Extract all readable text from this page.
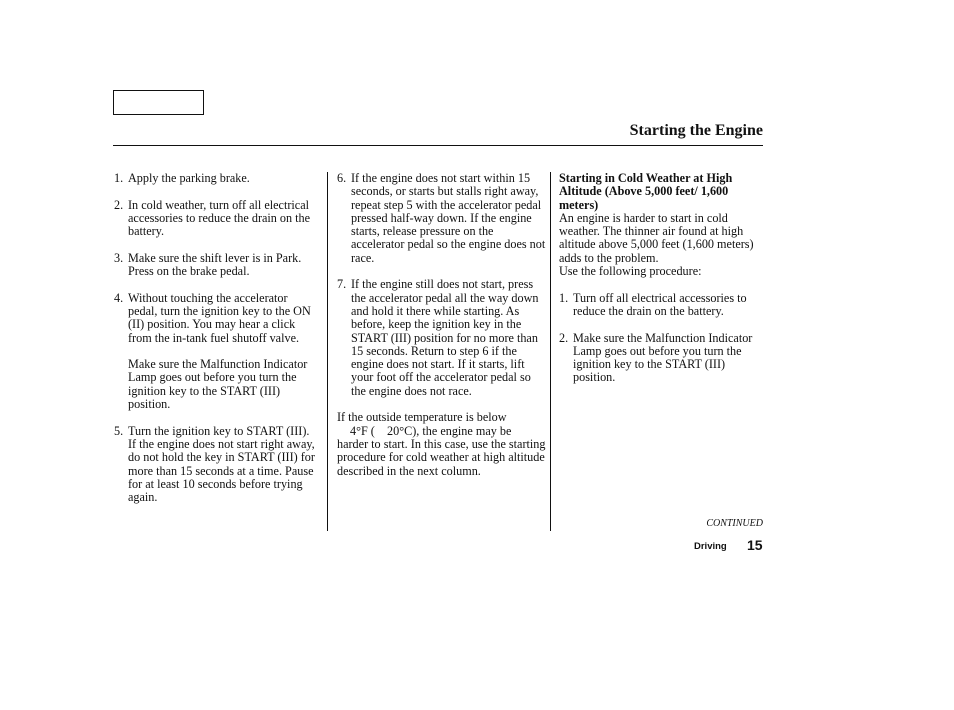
Starting the Engine
1. Apply the parking brake.
2. In cold weather, turn off all electrical accessories to reduce the drain on the battery.
3. Make sure the shift lever is in Park. Press on the brake pedal.
4. Without touching the accelerator pedal, turn the ignition key to the ON (II) position. You may hear a click from the in-tank fuel shutoff valve.
Make sure the Malfunction Indicator Lamp goes out before you turn the ignition key to the START (III) position.
5. Turn the ignition key to START (III). If the engine does not start right away, do not hold the key in START (III) for more than 15 seconds at a time. Pause for at least 10 seconds before trying again.
6. If the engine does not start within 15 seconds, or starts but stalls right away, repeat step 5 with the accelerator pedal pressed half-way down. If the engine starts, release pressure on the accelerator pedal so the engine does not race.
7. If the engine still does not start, press the accelerator pedal all the way down and hold it there while starting. As before, keep the ignition key in the START (III) position for no more than 15 seconds. Return to step 6 if the engine does not start. If it starts, lift your foot off the accelerator pedal so the engine does not race.
If the outside temperature is below
4°F (    20°C), the engine may be
harder to start. In this case, use the starting procedure for cold weather at high altitude described in the next column.
Starting in Cold Weather at High Altitude (Above 5,000 feet/ 1,600 meters)
An engine is harder to start in cold weather. The thinner air found at high altitude above 5,000 feet (1,600 meters) adds to the problem.
Use the following procedure:
1. Turn off all electrical accessories to reduce the drain on the battery.
2. Make sure the Malfunction Indicator Lamp goes out before you turn the ignition key to the START (III) position.
CONTINUED
Driving 15
